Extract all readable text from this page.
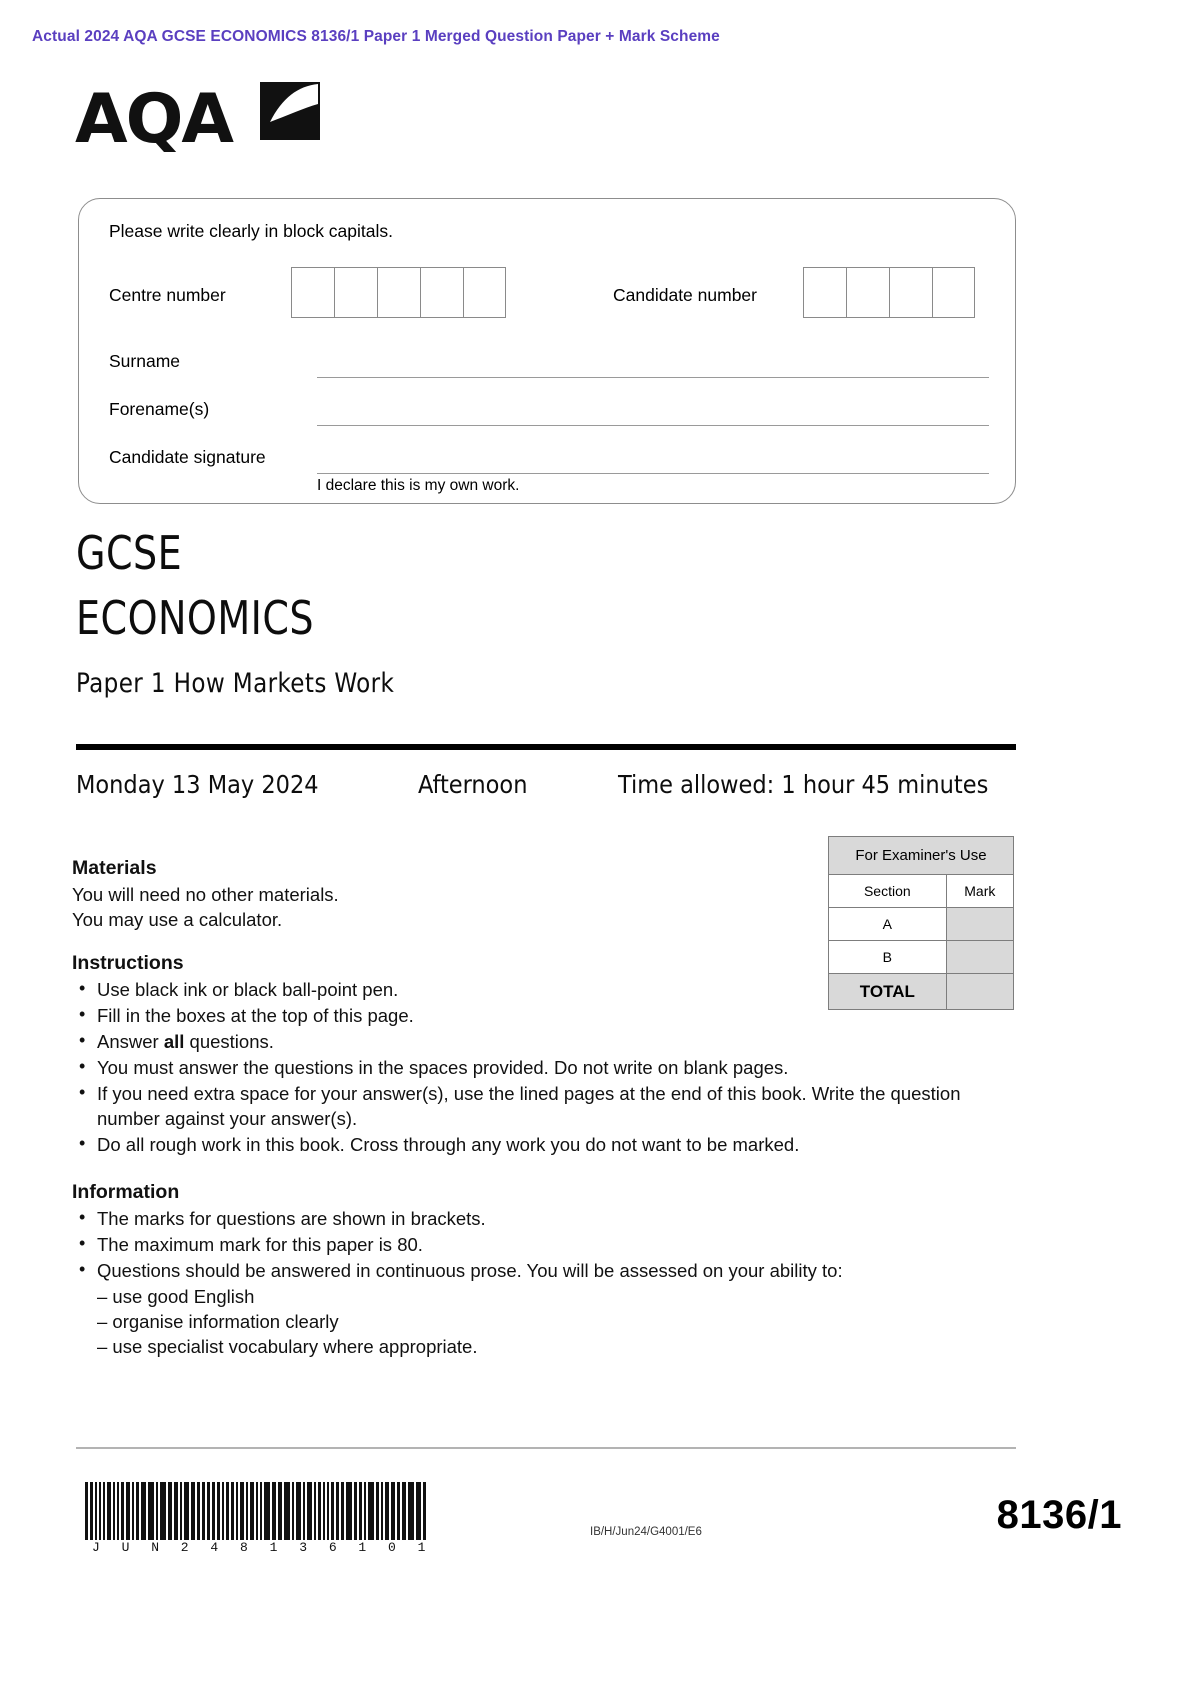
Actual 2024 AQA GCSE ECONOMICS 8136/1 Paper 1 Merged Question Paper + Mark Scheme
AQA
Please write clearly in block capitals.
Centre number	Candidate number
Surname
Forename(s)
Candidate signature
I declare this is my own work.
GCSE
ECONOMICS
Paper 1 How Markets Work
Monday 13 May 2024	Afternoon	Time allowed: 1 hour 45 minutes
For Examiner's Use	
Section	Mark
A	
B	
TOTAL	
Materials

You will need no other materials.

You may use a calculator.

Instructions
• Use black ink or black ball-point pen.
• Fill in the boxes at the top of this page.
• Answer all questions.
• You must answer the questions in the spaces provided. Do not write on blank pages.
• If you need extra space for your answer(s), use the lined pages at the end of this book. Write the question number against your answer(s).
• Do all rough work in this book. Cross through any work you do not want to be marked.
Information
• The marks for questions are shown in brackets.
• The maximum mark for this paper is 80.
• Questions should be answered in continuous prose. You will be assessed on your ability to:

– use good English

– organise information clearly

– use specialist vocabulary where appropriate.

J U N 2 4 8 1 3 6 1 0 1
IB/H/Jun24/G4001/E6	8136/1
